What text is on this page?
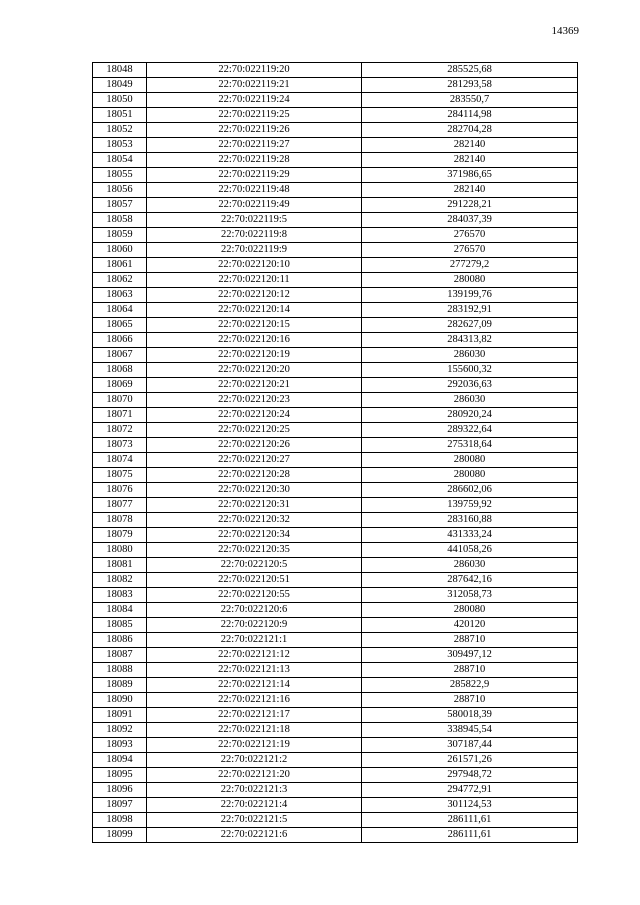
14369
18048	22:70:022119:20	285525,68
18049	22:70:022119:21	281293,58
18050	22:70:022119:24	283550,7
18051	22:70:022119:25	284114,98
18052	22:70:022119:26	282704,28
18053	22:70:022119:27	282140
18054	22:70:022119:28	282140
18055	22:70:022119:29	371986,65
18056	22:70:022119:48	282140
18057	22:70:022119:49	291228,21
18058	22:70:022119:5	284037,39
18059	22:70:022119:8	276570
18060	22:70:022119:9	276570
18061	22:70:022120:10	277279,2
18062	22:70:022120:11	280080
18063	22:70:022120:12	139199,76
18064	22:70:022120:14	283192,91
18065	22:70:022120:15	282627,09
18066	22:70:022120:16	284313,82
18067	22:70:022120:19	286030
18068	22:70:022120:20	155600,32
18069	22:70:022120:21	292036,63
18070	22:70:022120:23	286030
18071	22:70:022120:24	280920,24
18072	22:70:022120:25	289322,64
18073	22:70:022120:26	275318,64
18074	22:70:022120:27	280080
18075	22:70:022120:28	280080
18076	22:70:022120:30	286602,06
18077	22:70:022120:31	139759,92
18078	22:70:022120:32	283160,88
18079	22:70:022120:34	431333,24
18080	22:70:022120:35	441058,26
18081	22:70:022120:5	286030
18082	22:70:022120:51	287642,16
18083	22:70:022120:55	312058,73
18084	22:70:022120:6	280080
18085	22:70:022120:9	420120
18086	22:70:022121:1	288710
18087	22:70:022121:12	309497,12
18088	22:70:022121:13	288710
18089	22:70:022121:14	285822,9
18090	22:70:022121:16	288710
18091	22:70:022121:17	580018,39
18092	22:70:022121:18	338945,54
18093	22:70:022121:19	307187,44
18094	22:70:022121:2	261571,26
18095	22:70:022121:20	297948,72
18096	22:70:022121:3	294772,91
18097	22:70:022121:4	301124,53
18098	22:70:022121:5	286111,61
18099	22:70:022121:6	286111,61
